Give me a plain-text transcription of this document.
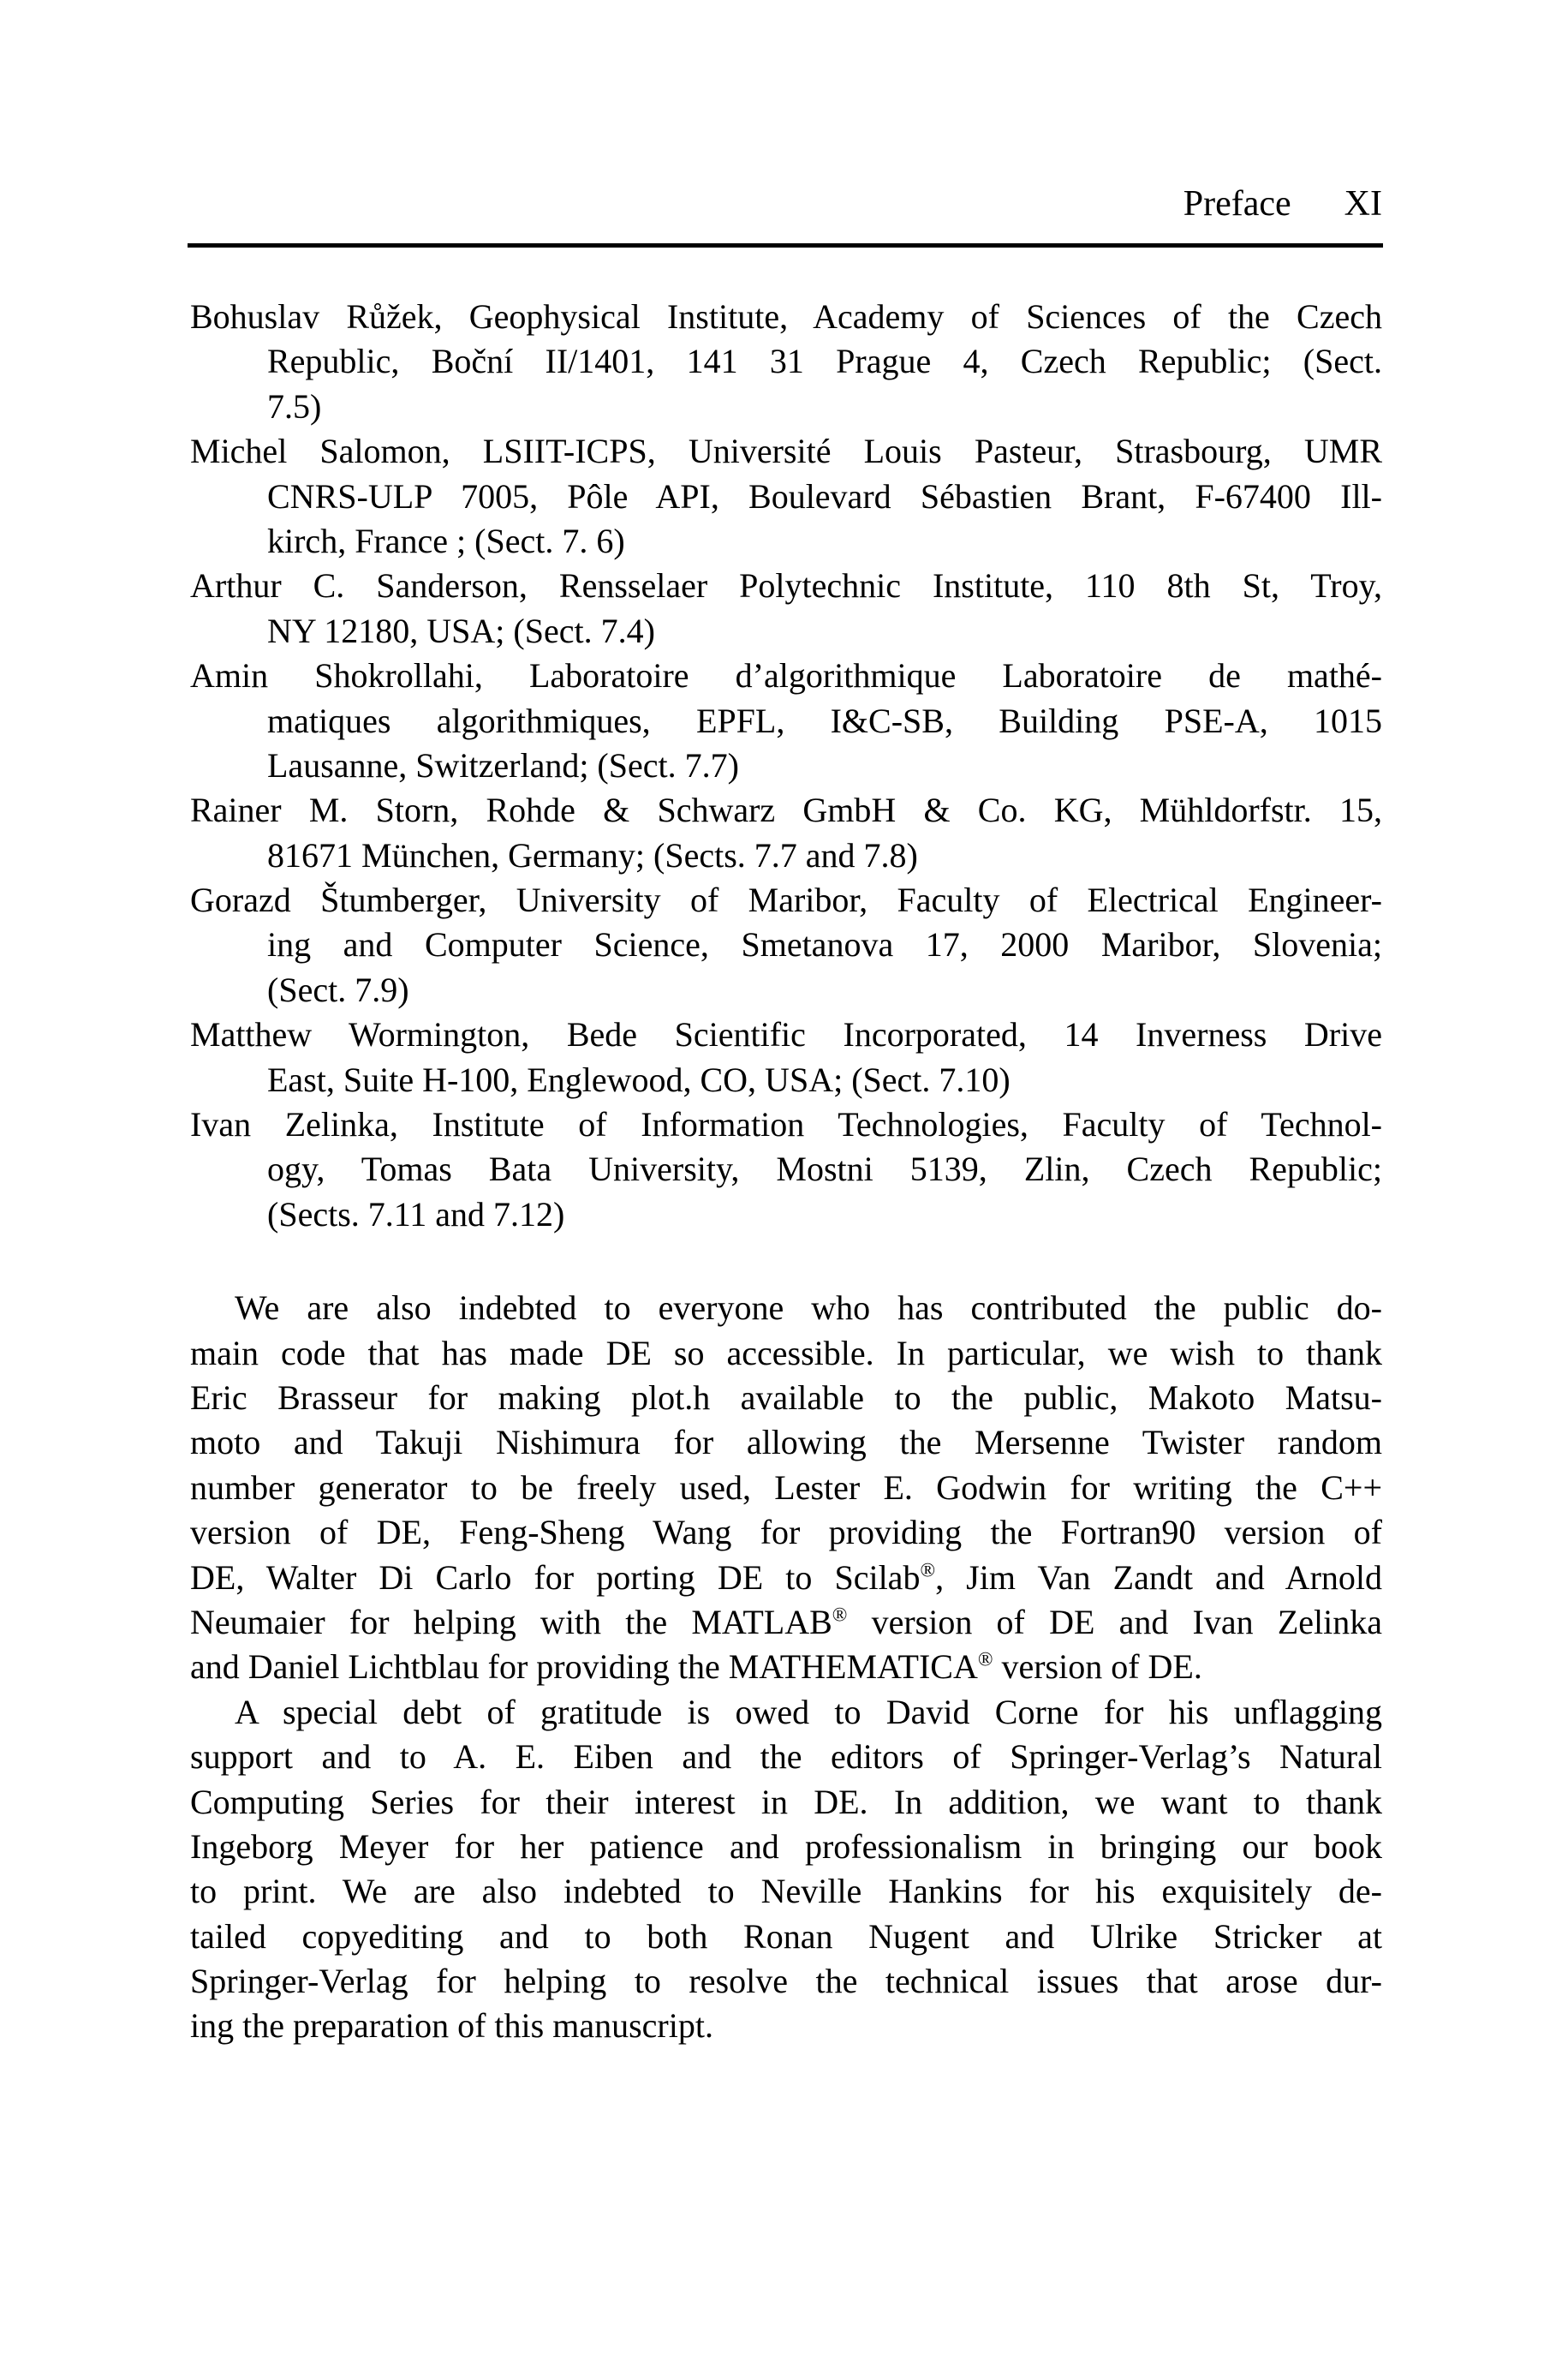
Preface XI
Bohuslav Růžek, Geophysical Institute, Academy of Sciences of the Czech
Republic, Boční II/1401, 141 31 Prague 4, Czech Republic; (Sect.
7.5)
Michel Salomon, LSIIT-ICPS, Université Louis Pasteur, Strasbourg, UMR
CNRS-ULP 7005, Pôle API, Boulevard Sébastien Brant, F-67400 Ill-
kirch, France ; (Sect. 7. 6)
Arthur C. Sanderson, Rensselaer Polytechnic Institute, 110 8th St, Troy,
NY 12180, USA; (Sect. 7.4)
Amin Shokrollahi, Laboratoire d’algorithmique Laboratoire de mathé-
matiques algorithmiques, EPFL, I&C-SB, Building PSE-A, 1015
Lausanne, Switzerland; (Sect. 7.7)
Rainer M. Storn, Rohde & Schwarz GmbH & Co. KG, Mühldorfstr. 15,
81671 München, Germany; (Sects. 7.7 and 7.8)
Gorazd Štumberger, University of Maribor, Faculty of Electrical Engineer-
ing and Computer Science, Smetanova 17, 2000 Maribor, Slovenia;
(Sect. 7.9)
Matthew Wormington, Bede Scientific Incorporated, 14 Inverness Drive
East, Suite H-100, Englewood, CO, USA; (Sect. 7.10)
Ivan Zelinka, Institute of Information Technologies, Faculty of Technol-
ogy, Tomas Bata University, Mostni 5139, Zlin, Czech Republic;
(Sects. 7.11 and 7.12)
We are also indebted to everyone who has contributed the public do-
main code that has made DE so accessible. In particular, we wish to thank
Eric Brasseur for making plot.h available to the public, Makoto Matsu-
moto and Takuji Nishimura for allowing the Mersenne Twister random
number generator to be freely used, Lester E. Godwin for writing the C++
version of DE, Feng-Sheng Wang for providing the Fortran90 version of
DE, Walter Di Carlo for porting DE to Scilab®, Jim Van Zandt and Arnold
Neumaier for helping with the MATLAB® version of DE and Ivan Zelinka
and Daniel Lichtblau for providing the MATHEMATICA® version of DE.
A special debt of gratitude is owed to David Corne for his unflagging
support and to A. E. Eiben and the editors of Springer-Verlag’s Natural
Computing Series for their interest in DE. In addition, we want to thank
Ingeborg Meyer for her patience and professionalism in bringing our book
to print. We are also indebted to Neville Hankins for his exquisitely de-
tailed copyediting and to both Ronan Nugent and Ulrike Stricker at
Springer-Verlag for helping to resolve the technical issues that arose dur-
ing the preparation of this manuscript.
